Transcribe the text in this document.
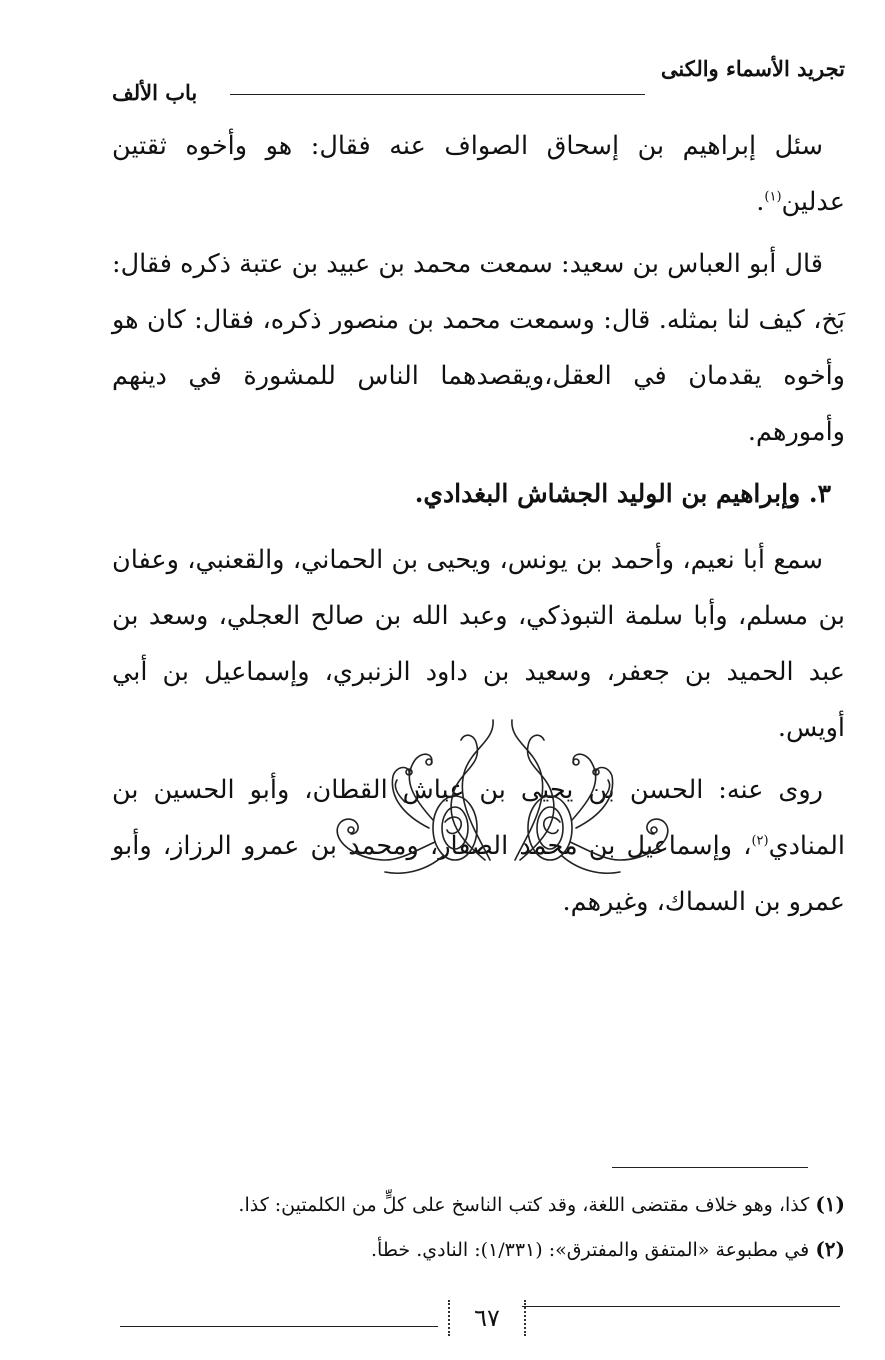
تجريد الأسماء والكنى
باب الألف

سئل إبراهيم بن إسحاق الصواف عنه فقال: هو وأخوه ثقتين عدلين$^{(١)}$.

قال أبو العباس بن سعيد: سمعت محمد بن عبيد بن عتبة ذكره فقال: بَخ، كيف لنا بمثله. قال: وسمعت محمد بن منصور ذكره، فقال: كان هو وأخوه يقدمان في العقل،ويقصدهما الناس للمشورة في دينهم وأمورهم.

٣. وإبراهيم بن الوليد الجشاش البغدادي.

سمع أبا نعيم، وأحمد بن يونس، ويحيى بن الحماني، والقعنبي، وعفان بن مسلم، وأبا سلمة التبوذكي، وعبد الله بن صالح العجلي، وسعد بن عبد الحميد بن جعفر، وسعيد بن داود الزنبري، وإسماعيل بن أبي أويس.

روى عنه: الحسن بن يحيى بن عياش القطان، وأبو الحسين بن المنادي$^{(٢)}$، وإسماعيل بن محمد الصفار، ومحمد بن عمرو الرزاز، وأبو عمرو بن السماك، وغيرهم.

(١) كذا، وهو خلاف مقتضى اللغة، وقد كتب الناسخ على كلٍّ من الكلمتين: كذا.
(٢) في مطبوعة «المتفق والمفترق»: (١/٣٣١): النادي. خطأ.
٦٧
